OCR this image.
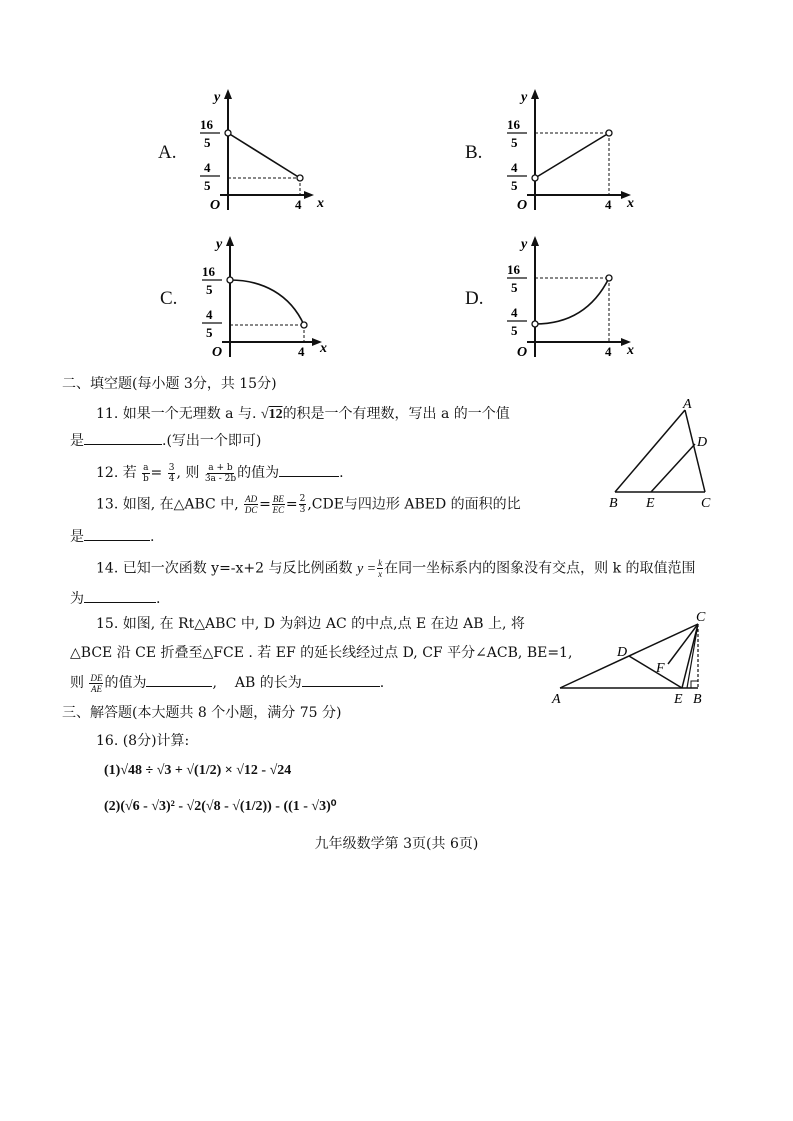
A.	B.
C.	D.
y
x
O
16
5
4
5
4
y
x
O
16
5
4
5
4
y
x
O
16
5
4
5
4
y
x
O
16
5
4
5
4
二、填空题(每小题 3分，共 15分)
11. 如果一个无理数 a 与. √12的积是一个有理数，写出 a 的一个值
是	.(写出一个即可)
12. 若 $\frac{a}{b} = \frac{3}{4}$ , 则 $\frac{a + b}{3a - 2b}$ 的值为	.
13. 如图, 在△ABC 中, $\frac{AD}{DC} = \frac{BE}{EC} = \frac{2}{3} ,CDE$与四边形 ABED 的面积的比
是	.
14. 已知一次函数 y=-x+2 与反比例函数 $y = \frac{k}{x}$ 在同一坐标系内的图象没有交点，则 k 的取值范围
为	.
15. 如图, 在 Rt△ABC 中, D 为斜边 AC 的中点,点 E 在边 AB 上, 将
△BCE 沿 CE 折叠至△FCE . 若 EF 的延长线经过点 D, CF 平分∠ACB, BE=1,
则 $\frac{DE}{AE}$ 的值为	, AB 的长为	.
三、解答题(本大题共 8 个小题，满分 75 分)
16. (8分)计算:
(1)√48 ÷ √3 + √(1/2) × √12 - √24
(2)(√6 - √3)² - √2(√8 - √(1/2)) - ((1 - √3)⁰
A
D
B E	C
C
D
F
A	E B
九年级数学第 3页(共 6页)
